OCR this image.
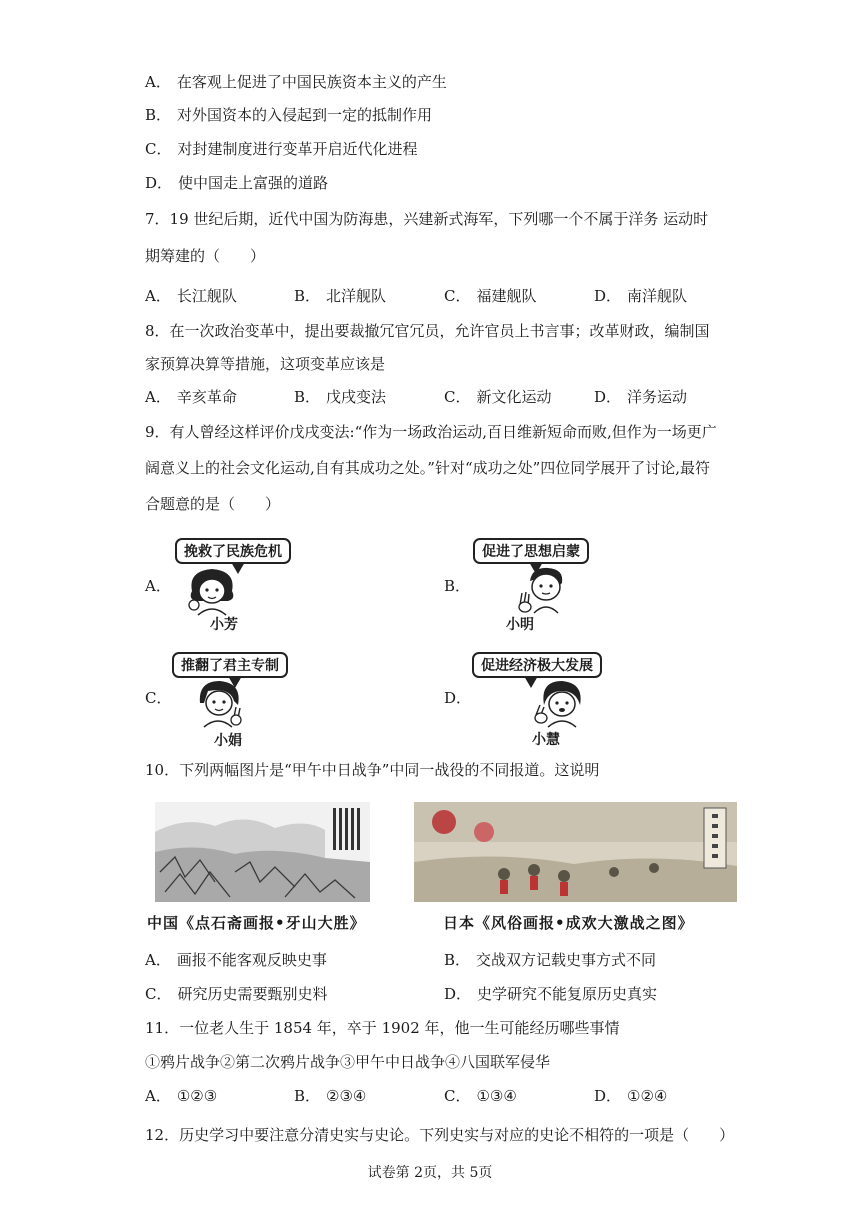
A． 在客观上促进了中国民族资本主义的产生
B． 对外国资本的入侵起到一定的抵制作用
C． 对封建制度进行变革开启近代化进程
D． 使中国走上富强的道路
7．19 世纪后期，近代中国为防海患，兴建新式海军，下列哪一个不属于洋务 运动时
期筹建的（　　）
A． 长江舰队	B． 北洋舰队	C． 福建舰队	D． 南洋舰队
8．在一次政治变革中，提出要裁撤冗官冗员，允许官员上书言事；改革财政，编制国
家预算决算等措施，这项变革应该是
A． 辛亥革命	B． 戊戌变法	C． 新文化运动	D． 洋务运动
9．有人曾经这样评价戊戌变法:“作为一场政治运动,百日维新短命而败,但作为一场更广
阔意义上的社会文化运动,自有其成功之处。”针对“成功之处”四位同学展开了讨论,最符
合题意的是（　　）
A．
挽救了民族危机
小芳
B．
促进了思想启蒙
小明
C．
推翻了君主专制
小娟
D．
促进经济极大发展
小慧
10．下列两幅图片是“甲午中日战争”中同一战役的不同报道。这说明
中国《点石斋画报•牙山大胜》	日本《风俗画报•成欢大激战之图》
A． 画报不能客观反映史事	B． 交战双方记载史事方式不同
C． 研究历史需要甄别史料	D． 史学研究不能复原历史真实
11．一位老人生于 1854 年，卒于 1902 年，他一生可能经历哪些事情
①鸦片战争②第二次鸦片战争③甲午中日战争④八国联军侵华
A． ①②③	B． ②③④	C． ①③④	D． ①②④
12．历史学习中要注意分清史实与史论。下列史实与对应的史论不相符的一项是（　　）
试卷第 2页，共 5页
